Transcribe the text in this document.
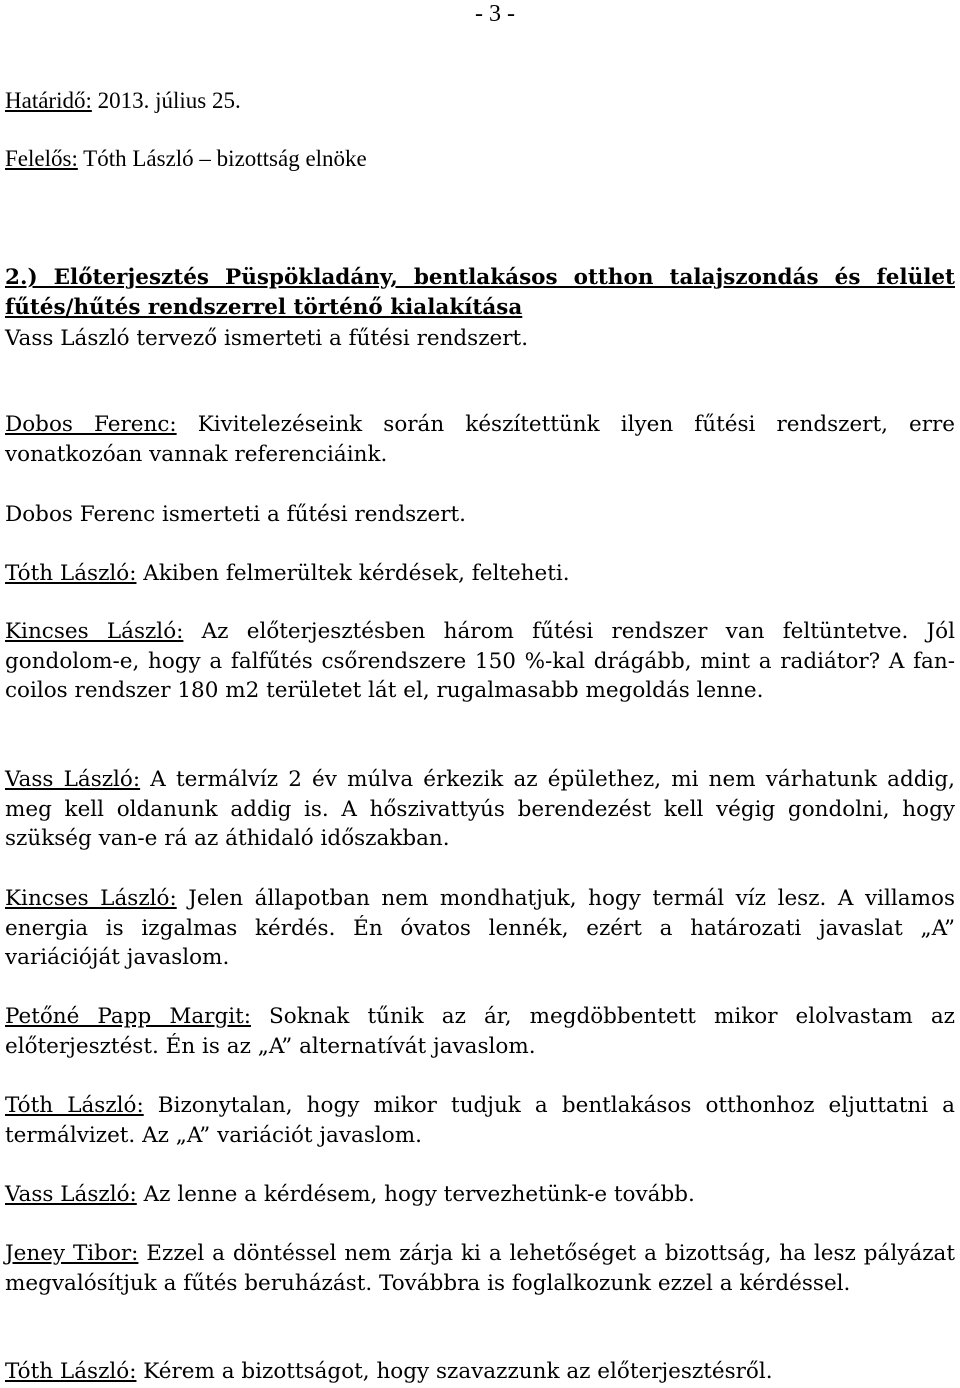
- 3 -
Határidő: 2013. július 25.
Felelős: Tóth László – bizottság elnöke
2.) Előterjesztés Püspökladány, bentlakásos otthon talajszondás és felület fűtés/hűtés rendszerrel történő kialakítása
Vass László tervező ismerteti a fűtési rendszert.
Dobos Ferenc: Kivitelezéseink során készítettünk ilyen fűtési rendszert, erre vonatkozóan vannak referenciáink.
Dobos Ferenc ismerteti a fűtési rendszert.
Tóth László: Akiben felmerültek kérdések, felteheti.
Kincses László: Az előterjesztésben három fűtési rendszer van feltüntetve. Jól gondolom-e, hogy a falfűtés csőrendszere 150 %-kal drágább, mint a radiátor? A fan-coilos rendszer 180 m2 területet lát el, rugalmasabb megoldás lenne.
Vass László: A termálvíz 2 év múlva érkezik az épülethez, mi nem várhatunk addig, meg kell oldanunk addig is. A hőszivattyús berendezést kell végig gondolni, hogy szükség van-e rá az áthidaló időszakban.
Kincses László: Jelen állapotban nem mondhatjuk, hogy termál víz lesz. A villamos energia is izgalmas kérdés. Én óvatos lennék, ezért a határozati javaslat „A” variációját javaslom.
Petőné Papp Margit: Soknak tűnik az ár, megdöbbentett mikor elolvastam az előterjesztést. Én is az „A” alternatívát javaslom.
Tóth László: Bizonytalan, hogy mikor tudjuk a bentlakásos otthonhoz eljuttatni a termálvizet. Az „A” variációt javaslom.
Vass László: Az lenne a kérdésem, hogy tervezhetünk-e tovább.
Jeney Tibor: Ezzel a döntéssel nem zárja ki a lehetőséget a bizottság, ha lesz pályázat megvalósítjuk a fűtés beruházást. Továbbra is foglalkozunk ezzel a kérdéssel.
Tóth László: Kérem a bizottságot, hogy szavazzunk az előterjesztésről.
